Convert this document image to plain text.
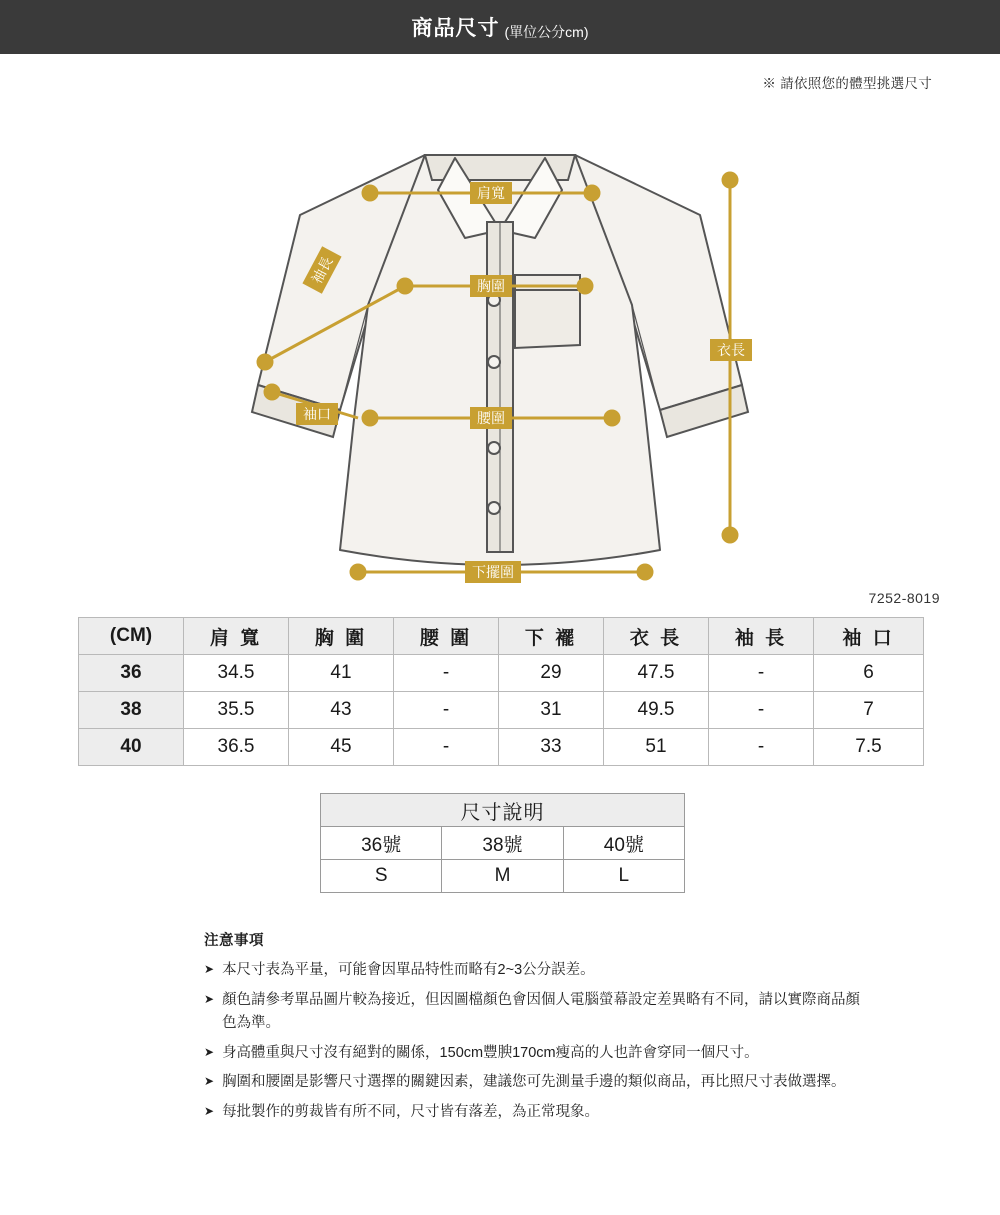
商品尺寸 (單位公分cm)
※ 請依照您的體型挑選尺寸
肩寬
胸圍
腰圍
下擺圍
衣長
袖長
袖口
7252-8019
(CM)	肩 寬	胸 圍	腰 圍	下 襬	衣 長	袖 長	袖 口
36	34.5	41	-	29	47.5	-	6
38	35.5	43	-	31	49.5	-	7
40	36.5	45	-	33	51	-	7.5
尺寸說明		
36號	38號	40號
S	M	L
注意事項
➤ 本尺寸表為平量，可能會因單品特性而略有2~3公分誤差。
➤ 顏色請參考單品圖片較為接近，但因圖檔顏色會因個人電腦螢幕設定差異略有不同，請以實際商品顏色為準。
➤ 身高體重與尺寸沒有絕對的關係，150cm豐腴170cm瘦高的人也許會穿同一個尺寸。
➤ 胸圍和腰圍是影響尺寸選擇的關鍵因素，建議您可先測量手邊的類似商品，再比照尺寸表做選擇。
➤ 每批製作的剪裁皆有所不同，尺寸皆有落差，為正常現象。
